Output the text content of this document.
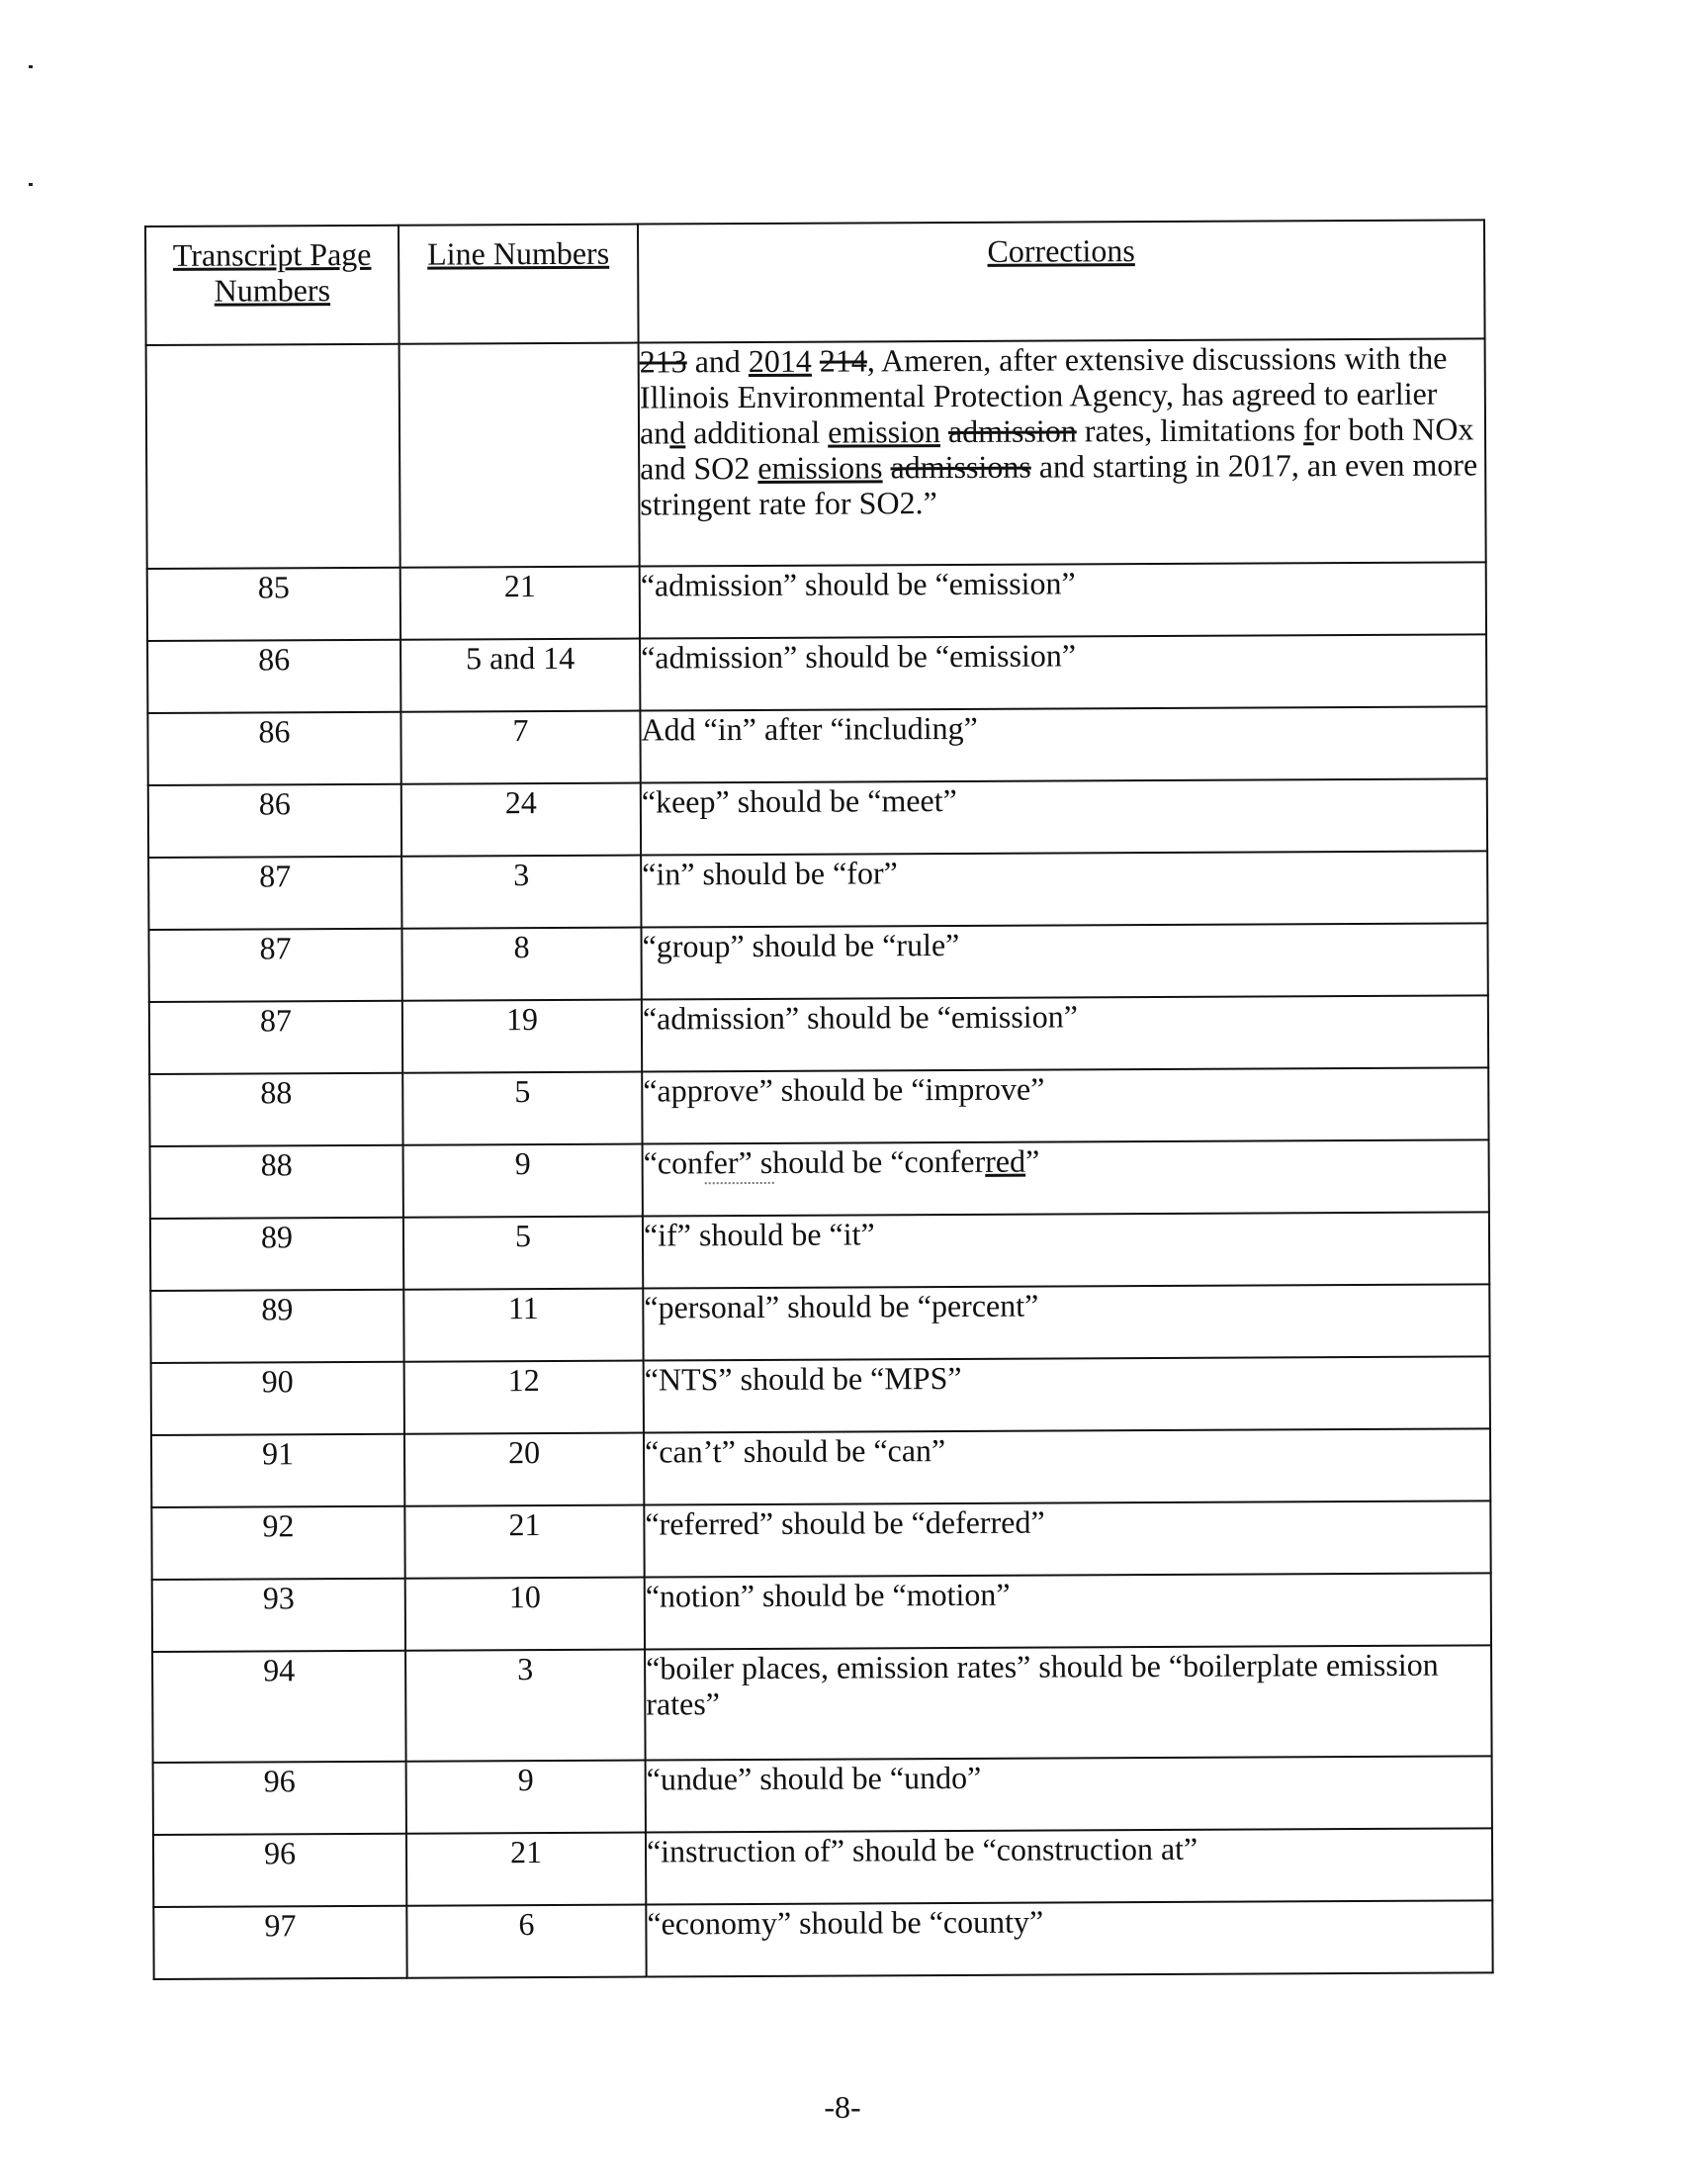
Transcript Page Numbers	Line Numbers	Corrections
		213 and 2014 214, Ameren, after extensive discussions with the Illinois Environmental Protection Agency, has agreed to earlier and additional emission admission rates, limitations for both NOx and SO2 emissions admissions and starting in 2017, an even more stringent rate for SO2.”
85	21	“admission” should be “emission”
86	5 and 14	“admission” should be “emission”
86	7	Add “in” after “including”
86	24	“keep” should be “meet”
87	3	“in” should be “for”
87	8	“group” should be “rule”
87	19	“admission” should be “emission”
88	5	“approve” should be “improve”
88	9	“confer” should be “conferred”

89	5	“if” should be “it”
89	11	“personal” should be “percent”
90	12	“NTS” should be “MPS”
91	20	“can’t” should be “can”
92	21	“referred” should be “deferred”
93	10	“notion” should be “motion”
94	3	“boiler places, emission rates” should be “boilerplate emission rates”
96	9	“undue” should be “undo”
96	21	“instruction of” should be “construction at”
97	6	“economy” should be “county”
-8-
